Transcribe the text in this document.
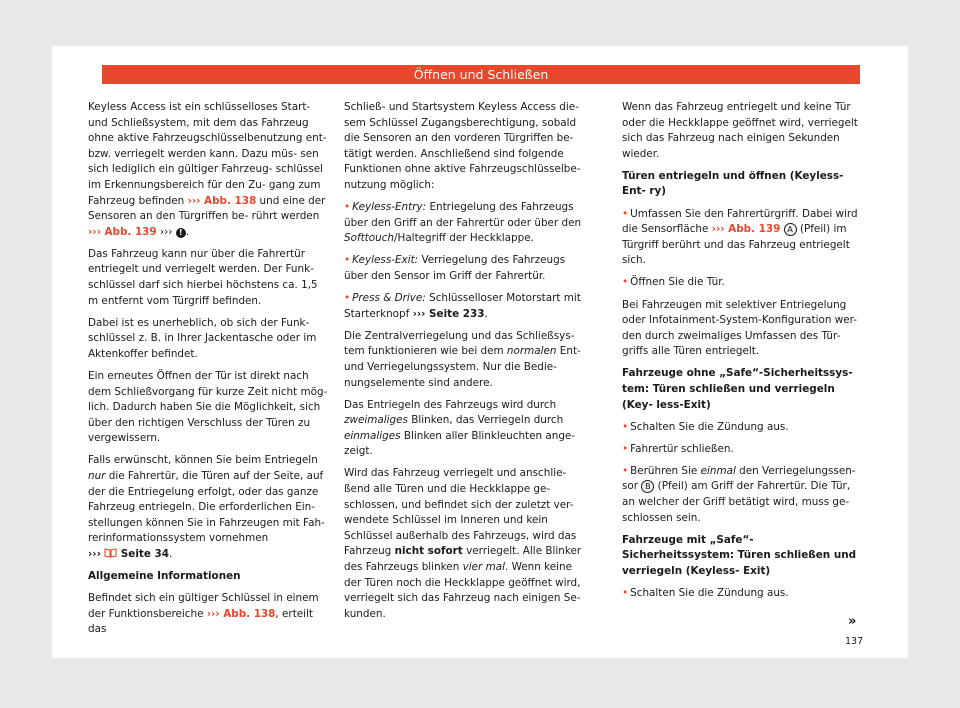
Öffnen und Schließen

Keyless Access ist ein schlüsselloses Start- und Schließsystem, mit dem das Fahrzeug ohne aktive Fahrzeugschlüsselbenutzung ent- bzw. verriegelt werden kann. Dazu müs- sen sich lediglich ein gültiger Fahrzeug- schlüssel im Erkennungsbereich für den Zu- gang zum Fahrzeug befinden ››› Abb. 138 und eine der Sensoren an den Türgriffen be- rührt werden ››› Abb. 139 ››› ! .

Das Fahrzeug kann nur über die Fahrertür entriegelt und verriegelt werden. Der Funk- schlüssel darf sich hierbei höchstens ca. 1,5 m entfernt vom Türgriff befinden.

Dabei ist es unerheblich, ob sich der Funk- schlüssel z. B. in Ihrer Jackentasche oder im Aktenkoffer befindet.

Ein erneutes Öffnen der Tür ist direkt nach dem Schließvorgang für kurze Zeit nicht mög- lich. Dadurch haben Sie die Möglichkeit, sich über den richtigen Verschluss der Türen zu vergewissern.

Falls erwünscht, können Sie beim Entriegeln nur die Fahrertür, die Türen auf der Seite, auf der die Entriegelung erfolgt, oder das ganze Fahrzeug entriegeln. Die erforderlichen Ein- stellungen können Sie in Fahrzeugen mit Fah- rerinformationssystem vornehmen
›››  Seite 34.

Allgemeine Informationen

Befindet sich ein gültiger Schlüssel in einem der Funktionsbereiche ››› Abb. 138, erteilt das

Schließ- und Startsystem Keyless Access die- sem Schlüssel Zugangsberechtigung, sobald die Sensoren an den vorderen Türgriffen be- tätigt werden. Anschließend sind folgende Funktionen ohne aktive Fahrzeugschlüsselbe- nutzung möglich:

• Keyless-Entry: Entriegelung des Fahrzeugs über den Griff an der Fahrertür oder über den Softtouch/Haltegriff der Heckklappe.

• Keyless-Exit: Verriegelung des Fahrzeugs über den Sensor im Griff der Fahrertür.

• Press & Drive: Schlüsselloser Motorstart mit Starterknopf ››› Seite 233.

Die Zentralverriegelung und das Schließsys- tem funktionieren wie bei dem normalen Ent- und Verriegelungssystem. Nur die Bedie- nungselemente sind andere.

Das Entriegeln des Fahrzeugs wird durch zweimaliges Blinken, das Verriegeln durch einmaliges Blinken aller Blinkleuchten ange- zeigt.

Wird das Fahrzeug verriegelt und anschlie- ßend alle Türen und die Heckklappe ge- schlossen, und befindet sich der zuletzt ver- wendete Schlüssel im Inneren und kein Schlüssel außerhalb des Fahrzeugs, wird das Fahrzeug nicht sofort verriegelt. Alle Blinker des Fahrzeugs blinken vier mal. Wenn keine der Türen noch die Heckklappe geöffnet wird, verriegelt sich das Fahrzeug nach einigen Se- kunden.

Wenn das Fahrzeug entriegelt und keine Tür oder die Heckklappe geöffnet wird, verriegelt sich das Fahrzeug nach einigen Sekunden wieder.

Türen entriegeln und öffnen (Keyless-Ent- ry)

• Umfassen Sie den Fahrertürgriff. Dabei wird die Sensorfläche ››› Abb. 139 A (Pfeil) im Türgriff berührt und das Fahrzeug entriegelt sich.

• Öffnen Sie die Tür.

Bei Fahrzeugen mit selektiver Entriegelung oder Infotainment-System-Konfiguration wer- den durch zweimaliges Umfassen des Tür- griffs alle Türen entriegelt.

Fahrzeuge ohne „Safe“-Sicherheitssys- tem: Türen schließen und verriegeln (Key- less-Exit)

• Schalten Sie die Zündung aus.

• Fahrertür schließen.

• Berühren Sie einmal den Verriegelungssen- sor B (Pfeil) am Griff der Fahrertür. Die Tür, an welcher der Griff betätigt wird, muss ge- schlossen sein.

Fahrzeuge mit „Safe“-Sicherheitssystem: Türen schließen und verriegeln (Keyless- Exit)

• Schalten Sie die Zündung aus.

»
137
